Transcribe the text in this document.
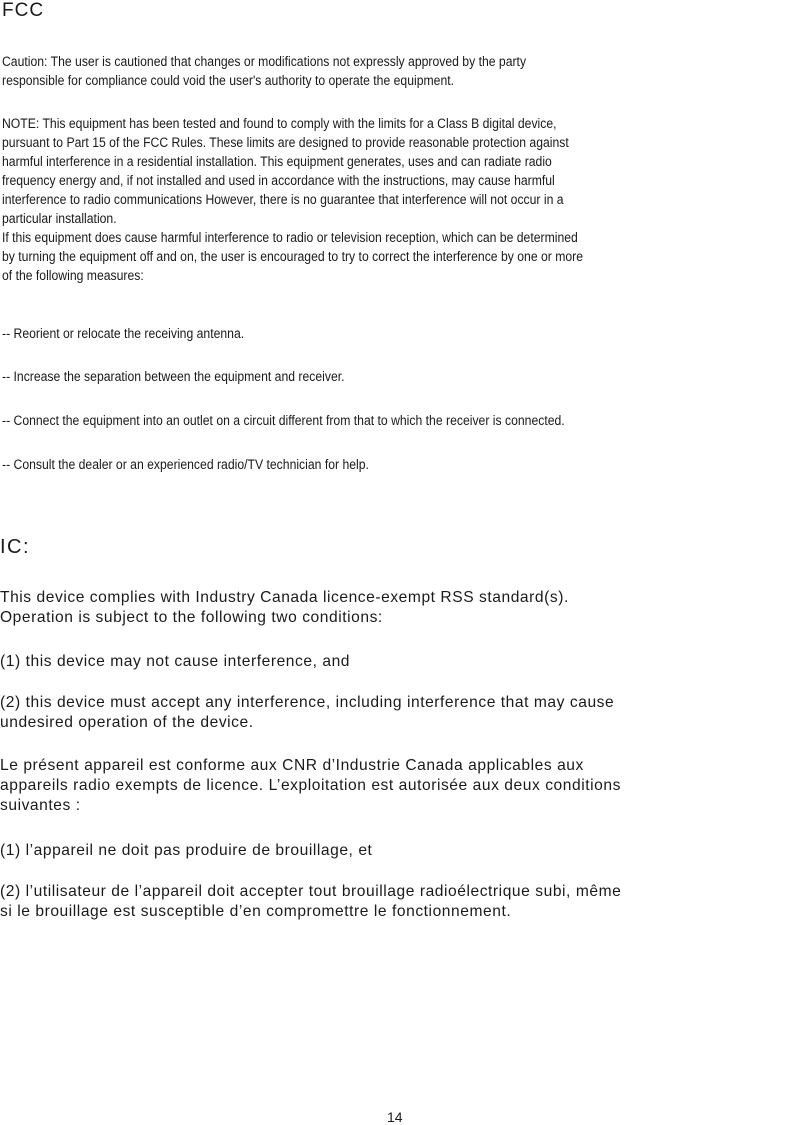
FCC
Caution: The user is cautioned that changes or modifications not expressly approved by the party
responsible for compliance could void the user's authority to operate the equipment.
NOTE: This equipment has been tested and found to comply with the limits for a Class B digital device,
pursuant to Part 15 of the FCC Rules. These limits are designed to provide reasonable protection against
harmful interference in a residential installation. This equipment generates, uses and can radiate radio
frequency energy and, if not installed and used in accordance with the instructions, may cause harmful
interference to radio communications However, there is no guarantee that interference will not occur in a
particular installation.
If this equipment does cause harmful interference to radio or television reception, which can be determined
by turning the equipment off and on, the user is encouraged to try to correct the interference by one or more
of the following measures:
-- Reorient or relocate the receiving antenna.
-- Increase the separation between the equipment and receiver.
-- Connect the equipment into an outlet on a circuit different from that to which the receiver is connected.
-- Consult the dealer or an experienced radio/TV technician for help.
IC:
This device complies with Industry Canada licence-exempt RSS standard(s).
Operation is subject to the following two conditions:
(1) this device may not cause interference, and
(2) this device must accept any interference, including interference that may cause
undesired operation of the device.
Le présent appareil est conforme aux CNR d’Industrie Canada applicables aux
appareils radio exempts de licence. L’exploitation est autorisée aux deux conditions
suivantes :
(1) l’appareil ne doit pas produire de brouillage, et
(2) l’utilisateur de l’appareil doit accepter tout brouillage radioélectrique subi, même
si le brouillage est susceptible d’en compromettre le fonctionnement.
14
